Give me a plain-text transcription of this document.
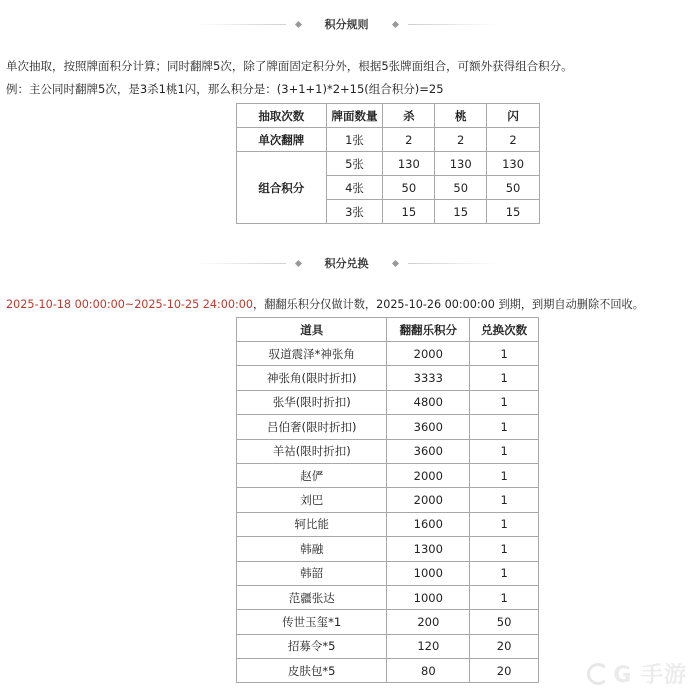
积分规则
单次抽取，按照牌面积分计算；同时翻牌5次，除了牌面固定积分外，根据5张牌面组合，可额外获得组合积分。
例：主公同时翻牌5次，是3杀1桃1闪，那么积分是：(3+1+1)*2+15(组合积分)=25
抽取次数	牌面数量	杀	桃	闪
单次翻牌	1张	2	2	2
组合积分	5张	130	130	130
	4张	50	50	50
	3张	15	15	15
积分兑换
2025-10-18 00:00:00~2025-10-25 24:00:00，翻翻乐积分仅做计数，2025-10-26 00:00:00 到期，到期自动删除不回收。
道具	翻翻乐积分	兑换次数
驭道震泽*神张角	2000	1
神张角(限时折扣)	3333	1
张华(限时折扣)	4800	1
吕伯奢(限时折扣)	3600	1
羊祜(限时折扣)	3600	1
赵俨	2000	1
刘巴	2000	1
轲比能	1600	1
韩融	1300	1
韩韶	1000	1
范疆张达	1000	1
传世玉玺*1	200	50
招募令*5	120	20
皮肤包*5	80	20	G 手游
